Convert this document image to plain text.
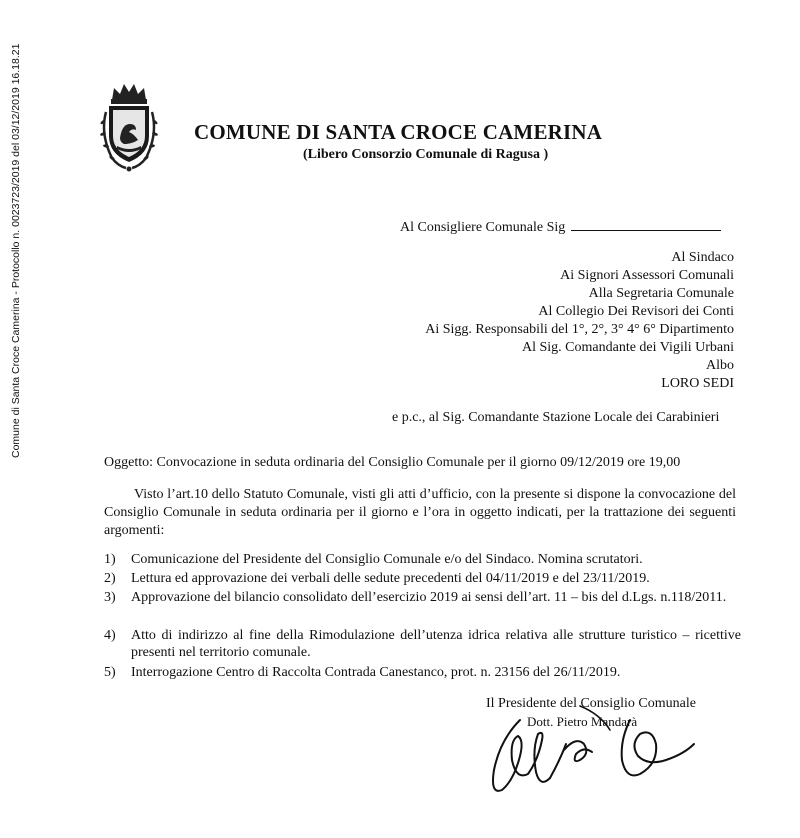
Comune di Santa Croce Camerina - Protocollo n. 0023723/2019 del 03/12/2019 16.18.21	COMUNE DI SANTA CROCE CAMERINA
(Libero Consorzio Comunale di Ragusa )
Al Consigliere Comunale Sig
Al Sindaco
Ai Signori Assessori Comunali
Alla Segretaria Comunale
Al Collegio Dei Revisori dei Conti
Ai Sigg. Responsabili del 1°, 2°, 3° 4° 6° Dipartimento
Al Sig. Comandante dei Vigili Urbani
Albo
LORO SEDI
e p.c., al Sig. Comandante Stazione Locale dei Carabinieri
Oggetto: Convocazione in seduta ordinaria del Consiglio Comunale per il giorno 09/12/2019 ore 19,00
Visto l’art.10 dello Statuto Comunale, visti gli atti d’ufficio, con la presente si dispone la convocazione del Consiglio Comunale in seduta ordinaria per il giorno e l’ora in oggetto indicati, per la trattazione dei seguenti argomenti:
1) Comunicazione del Presidente del Consiglio Comunale e/o del Sindaco. Nomina scrutatori.
2) Lettura ed approvazione dei verbali delle sedute precedenti del 04/11/2019 e del 23/11/2019.
3) Approvazione del bilancio consolidato dell’esercizio 2019 ai sensi dell’art. 11 – bis del d.Lgs. n.118/2011.
4) Atto di indirizzo al fine della Rimodulazione dell’utenza idrica relativa alle strutture turistico – ricettive presenti nel territorio comunale.
5) Interrogazione Centro di Raccolta Contrada Canestanco, prot. n. 23156 del 26/11/2019.
Il Presidente del Consiglio Comunale
Dott. Pietro Mandarà
